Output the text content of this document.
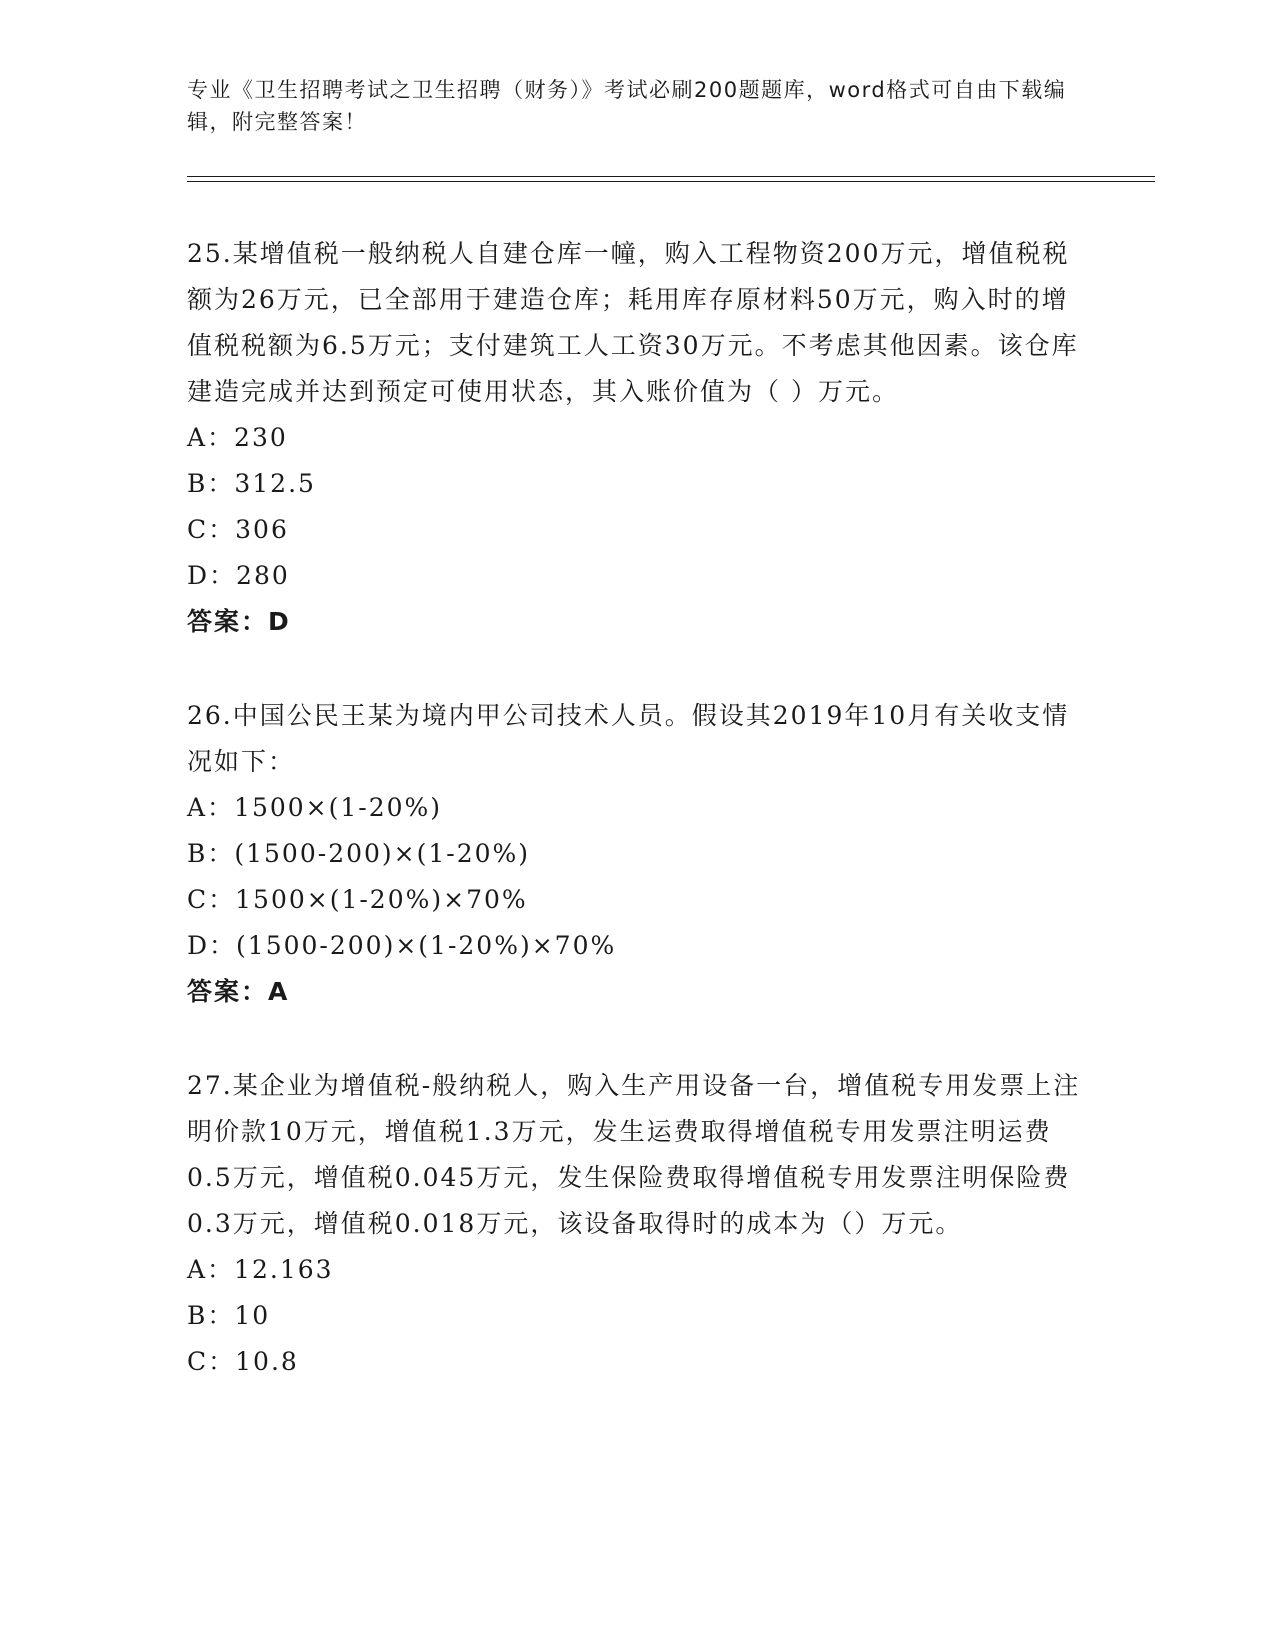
专业《卫生招聘考试之卫生招聘（财务）》考试必刷200题题库，word格式可自由下载编辑，附完整答案！
25.某增值税一般纳税人自建仓库一幢，购入工程物资200万元，增值税税额为26万元，已全部用于建造仓库；耗用库存原材料50万元，购入时的增值税税额为6.5万元；支付建筑工人工资30万元。不考虑其他因素。该仓库建造完成并达到预定可使用状态，其入账价值为（ ）万元。
A：230
B：312.5
C：306
D：280
答案：D
26.中国公民王某为境内甲公司技术人员。假设其2019年10月有关收支情况如下：
A：1500×(1-20%)
B：(1500-200)×(1-20%)
C：1500×(1-20%)×70%
D：(1500-200)×(1-20%)×70%
答案：A
27.某企业为增值税-般纳税人，购入生产用设备一台，增值税专用发票上注明价款10万元，增值税1.3万元，发生运费取得增值税专用发票注明运费0.5万元，增值税0.045万元，发生保险费取得增值税专用发票注明保险费0.3万元，增值税0.018万元，该设备取得时的成本为（）万元。
A：12.163
B：10
C：10.8
